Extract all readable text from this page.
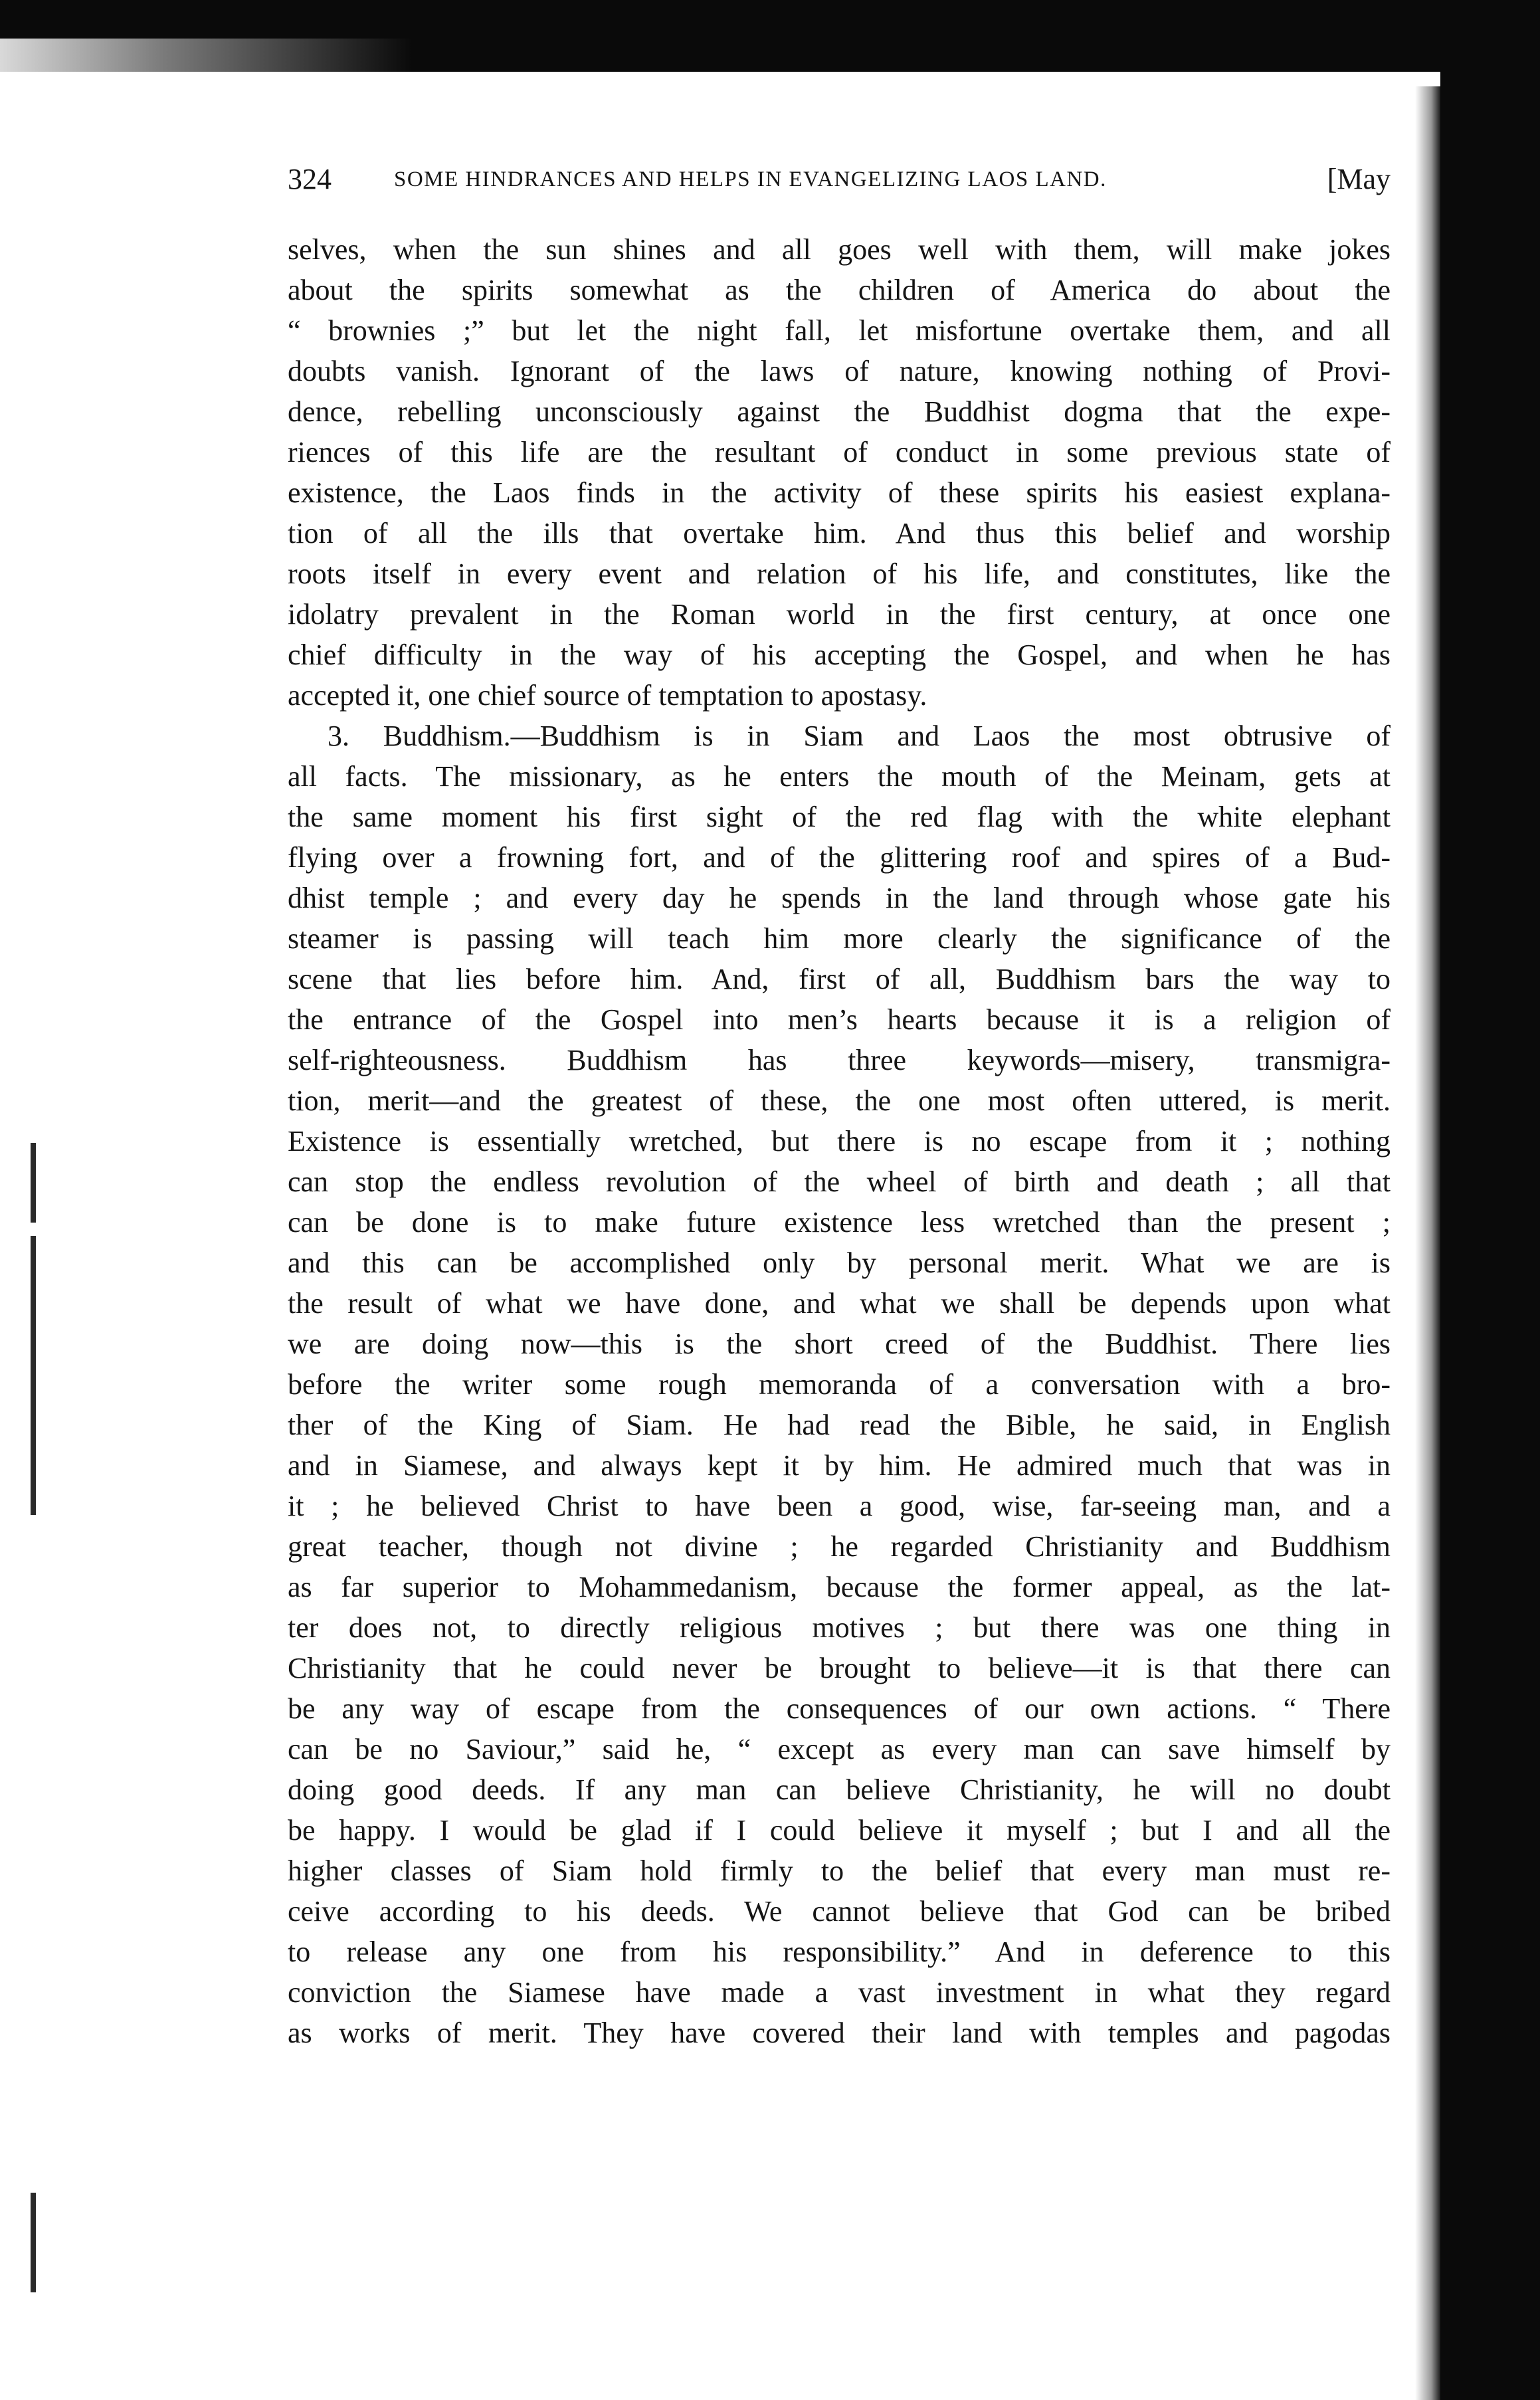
324	SOME HINDRANCES AND HELPS IN EVANGELIZING LAOS LAND.	[May
selves, when the sun shines and all goes well with them, will make jokes
about the spirits somewhat as the children of America do about the
“ brownies ;” but let the night fall, let misfortune overtake them, and all
doubts vanish. Ignorant of the laws of nature, knowing nothing of Provi-
dence, rebelling unconsciously against the Buddhist dogma that the expe-
riences of this life are the resultant of conduct in some previous state of
existence, the Laos finds in the activity of these spirits his easiest explana-
tion of all the ills that overtake him. And thus this belief and worship
roots itself in every event and relation of his life, and constitutes, like the
idolatry prevalent in the Roman world in the first century, at once one
chief difficulty in the way of his accepting the Gospel, and when he has
accepted it, one chief source of temptation to apostasy.
3. Buddhism.—Buddhism is in Siam and Laos the most obtrusive of
all facts. The missionary, as he enters the mouth of the Meinam, gets at
the same moment his first sight of the red flag with the white elephant
flying over a frowning fort, and of the glittering roof and spires of a Bud-
dhist temple ; and every day he spends in the land through whose gate his
steamer is passing will teach him more clearly the significance of the
scene that lies before him. And, first of all, Buddhism bars the way to
the entrance of the Gospel into men’s hearts because it is a religion of
self-righteousness. Buddhism has three keywords—misery, transmigra-
tion, merit—and the greatest of these, the one most often uttered, is merit.
Existence is essentially wretched, but there is no escape from it ; nothing
can stop the endless revolution of the wheel of birth and death ; all that
can be done is to make future existence less wretched than the present ;
and this can be accomplished only by personal merit. What we are is
the result of what we have done, and what we shall be depends upon what
we are doing now—this is the short creed of the Buddhist. There lies
before the writer some rough memoranda of a conversation with a bro-
ther of the King of Siam. He had read the Bible, he said, in English
and in Siamese, and always kept it by him. He admired much that was in
it ; he believed Christ to have been a good, wise, far-seeing man, and a
great teacher, though not divine ; he regarded Christianity and Buddhism
as far superior to Mohammedanism, because the former appeal, as the lat-
ter does not, to directly religious motives ; but there was one thing in
Christianity that he could never be brought to believe—it is that there can
be any way of escape from the consequences of our own actions. “ There
can be no Saviour,” said he, “ except as every man can save himself by
doing good deeds. If any man can believe Christianity, he will no doubt
be happy. I would be glad if I could believe it myself ; but I and all the
higher classes of Siam hold firmly to the belief that every man must re-
ceive according to his deeds. We cannot believe that God can be bribed
to release any one from his responsibility.” And in deference to this
conviction the Siamese have made a vast investment in what they regard
as works of merit. They have covered their land with temples and pagodas
